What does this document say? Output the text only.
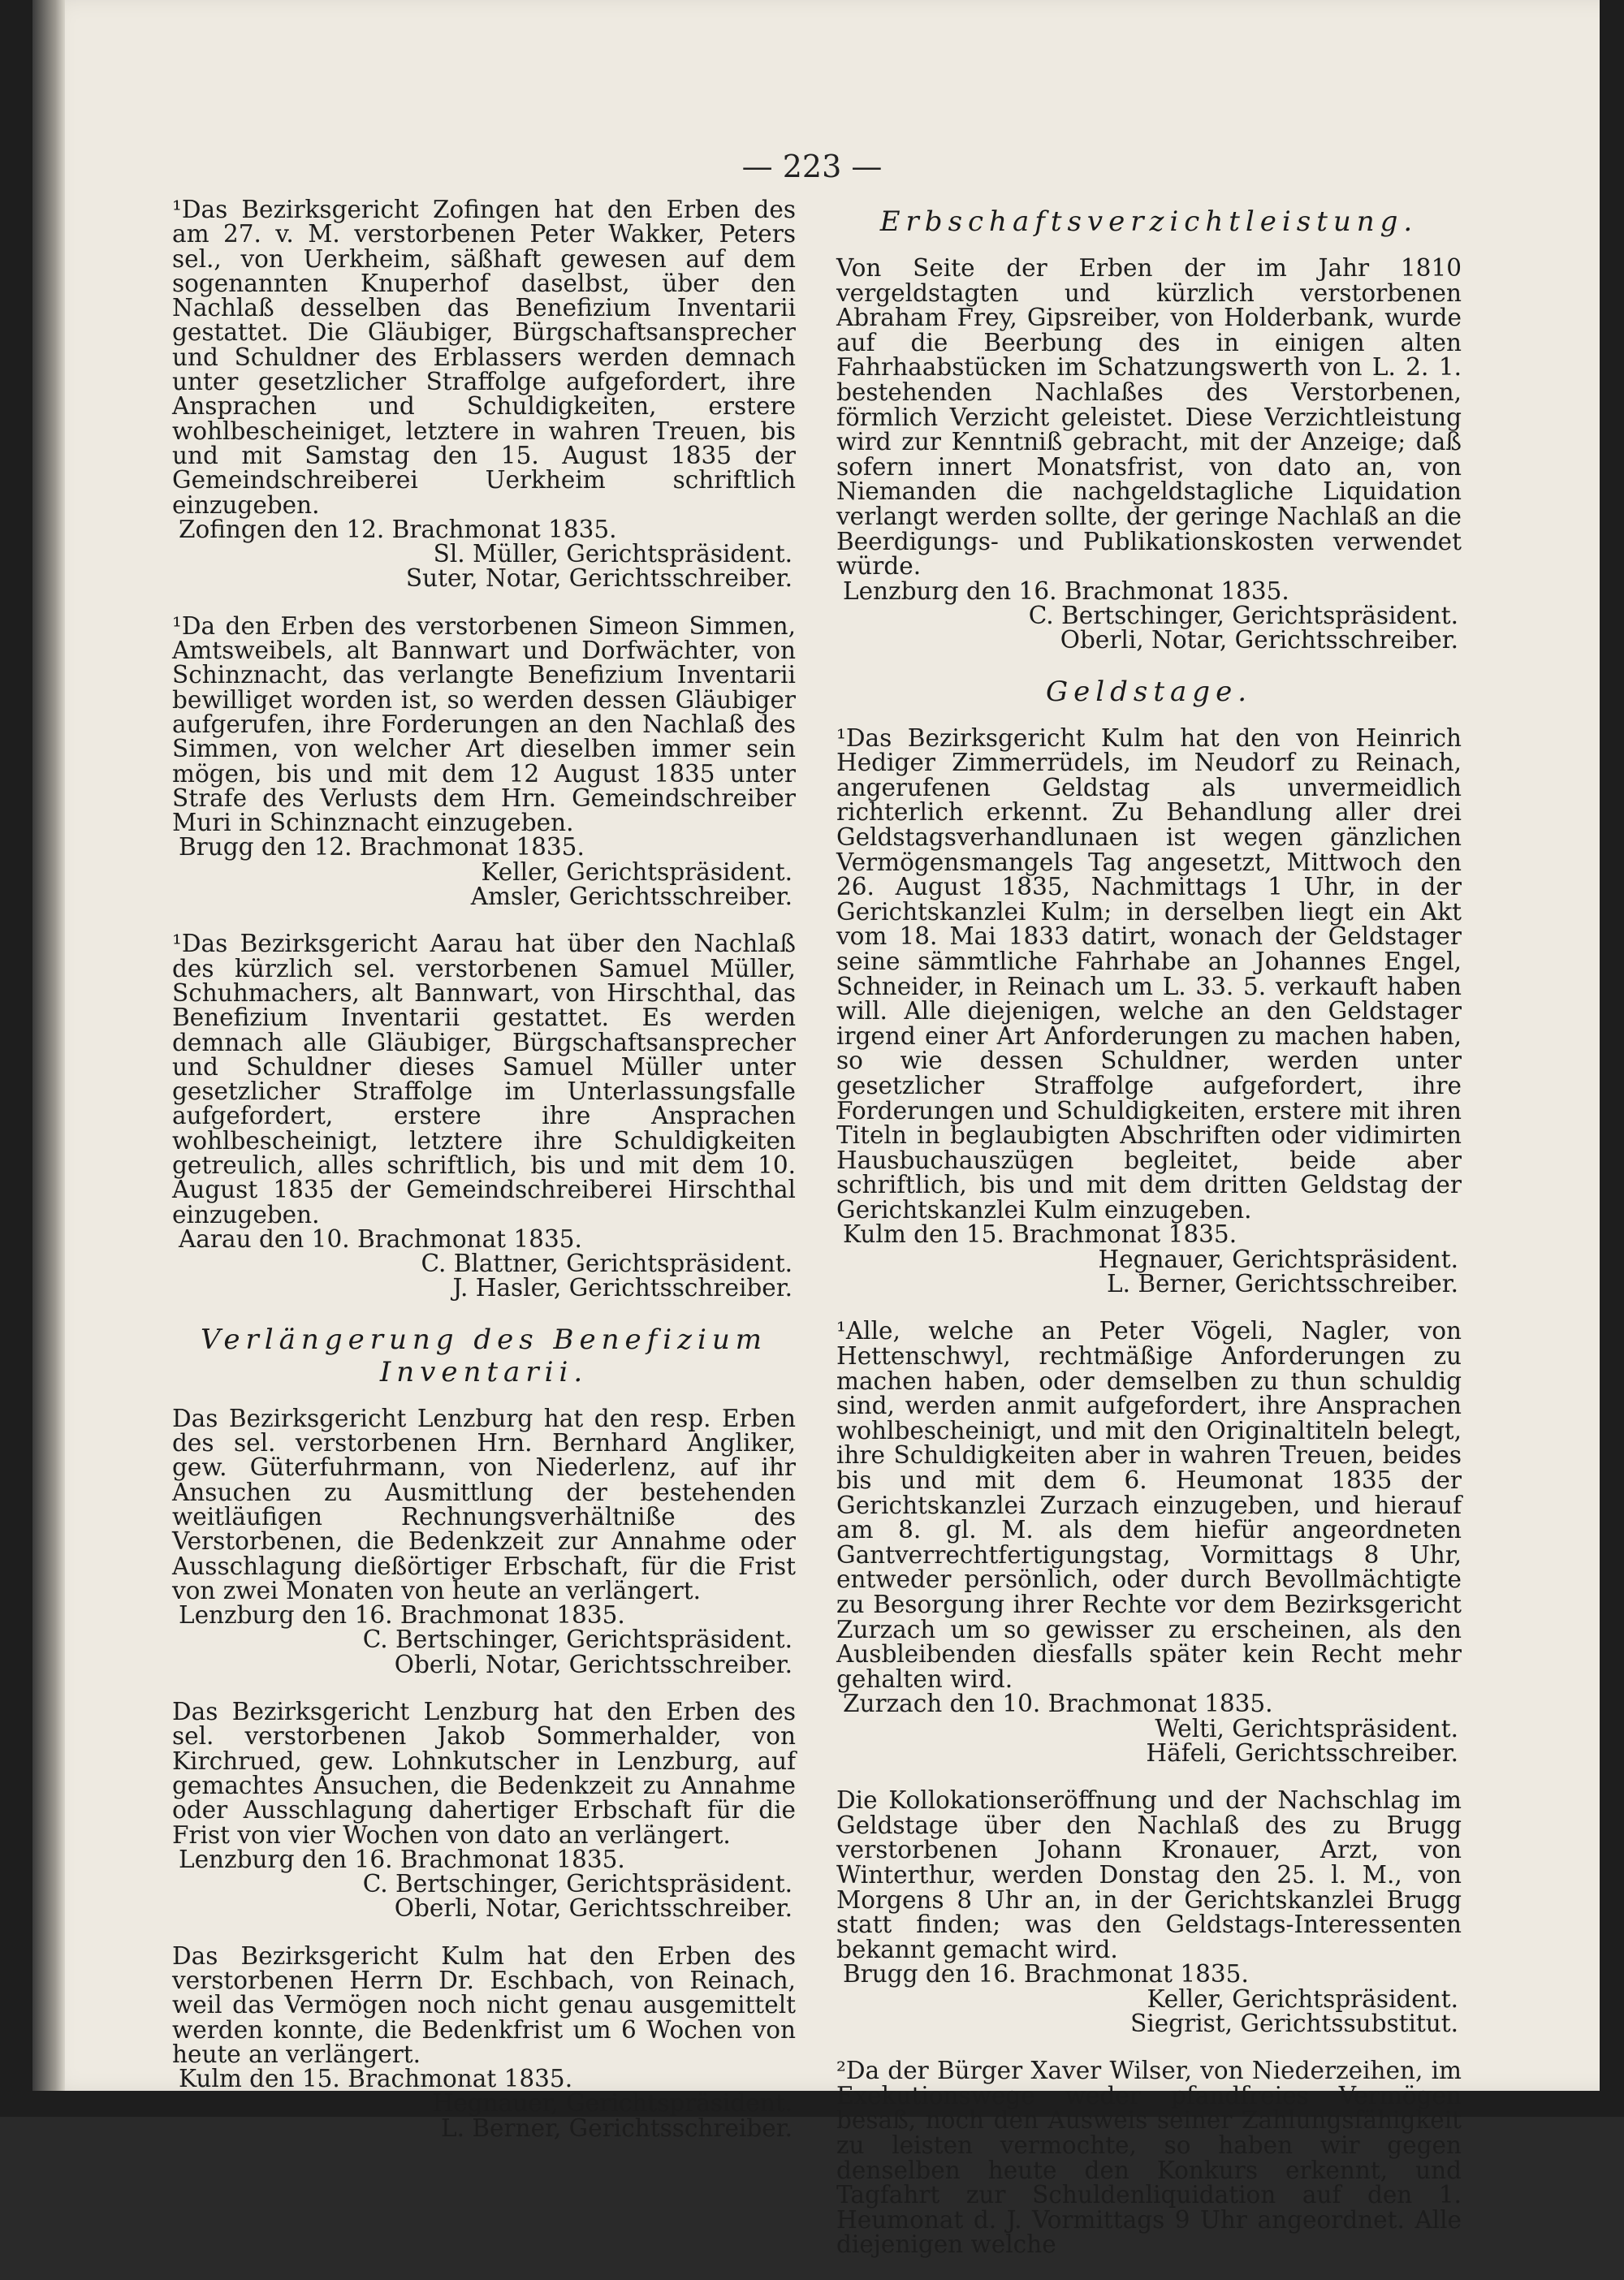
— 223 —
¹Das Bezirksgericht Zofingen hat den Erben des am 27. v. M. verstorbenen Peter Wakker, Peters sel., von Uerkheim, säßhaft gewesen auf dem sogenannten Knuperhof daselbst, über den Nachlaß desselben das Benefizium Inventarii gestattet. Die Gläubiger, Bürgschaftsansprecher und Schuldner des Erblassers werden demnach unter gesetzlicher Straffolge aufgefordert, ihre Ansprachen und Schuldigkeiten, erstere wohlbescheiniget, letztere in wahren Treuen, bis und mit Samstag den 15. August 1835 der Gemeindschreiberei Uerkheim schriftlich einzugeben.
Zofingen den 12. Brachmonat 1835.
Sl. Müller, Gerichtspräsident.
Suter, Notar, Gerichtsschreiber.
¹Da den Erben des verstorbenen Simeon Simmen, Amtsweibels, alt Bannwart und Dorfwächter, von Schinznacht, das verlangte Benefizium Inventarii bewilliget worden ist, so werden dessen Gläubiger aufgerufen, ihre Forderungen an den Nachlaß des Simmen, von welcher Art dieselben immer sein mögen, bis und mit dem 12 August 1835 unter Strafe des Verlusts dem Hrn. Gemeindschreiber Muri in Schinznacht einzugeben.
Brugg den 12. Brachmonat 1835.
Keller, Gerichtspräsident.
Amsler, Gerichtsschreiber.
¹Das Bezirksgericht Aarau hat über den Nachlaß des kürzlich sel. verstorbenen Samuel Müller, Schuhmachers, alt Bannwart, von Hirschthal, das Benefizium Inventarii gestattet. Es werden demnach alle Gläubiger, Bürgschaftsansprecher und Schuldner dieses Samuel Müller unter gesetzlicher Straffolge im Unterlassungsfalle aufgefordert, erstere ihre Ansprachen wohlbescheinigt, letztere ihre Schuldigkeiten getreulich, alles schriftlich, bis und mit dem 10. August 1835 der Gemeindschreiberei Hirschthal einzugeben.
Aarau den 10. Brachmonat 1835.
C. Blattner, Gerichtspräsident.
J. Hasler, Gerichtsschreiber.
Verlängerung des Benefizium Inventarii.
Das Bezirksgericht Lenzburg hat den resp. Erben des sel. verstorbenen Hrn. Bernhard Angliker, gew. Güterfuhrmann, von Niederlenz, auf ihr Ansuchen zu Ausmittlung der bestehenden weitläufigen Rechnungsverhältniße des Verstorbenen, die Bedenkzeit zur Annahme oder Ausschlagung dießörtiger Erbschaft, für die Frist von zwei Monaten von heute an verlängert.
Lenzburg den 16. Brachmonat 1835.
C. Bertschinger, Gerichtspräsident.
Oberli, Notar, Gerichtsschreiber.
Das Bezirksgericht Lenzburg hat den Erben des sel. verstorbenen Jakob Sommerhalder, von Kirchrued, gew. Lohnkutscher in Lenzburg, auf gemachtes Ansuchen, die Bedenkzeit zu Annahme oder Ausschlagung dahertiger Erbschaft für die Frist von vier Wochen von dato an verlängert.
Lenzburg den 16. Brachmonat 1835.
C. Bertschinger, Gerichtspräsident.
Oberli, Notar, Gerichtsschreiber.
Das Bezirksgericht Kulm hat den Erben des verstorbenen Herrn Dr. Eschbach, von Reinach, weil das Vermögen noch nicht genau ausgemittelt werden konnte, die Bedenkfrist um 6 Wochen von heute an verlängert.
Kulm den 15. Brachmonat 1835.
Hegnauer, Gerichtspräsident.
L. Berner, Gerichtsschreiber.
Erbschaftsverzichtleistung.
Von Seite der Erben der im Jahr 1810 vergeldstagten und kürzlich verstorbenen Abraham Frey, Gipsreiber, von Holderbank, wurde auf die Beerbung des in einigen alten Fahrhaabstücken im Schatzungswerth von L. 2. 1. bestehenden Nachlaßes des Verstorbenen, förmlich Verzicht geleistet. Diese Verzichtleistung wird zur Kenntniß gebracht, mit der Anzeige; daß sofern innert Monatsfrist, von dato an, von Niemanden die nachgeldstagliche Liquidation verlangt werden sollte, der geringe Nachlaß an die Beerdigungs- und Publikationskosten verwendet würde.
Lenzburg den 16. Brachmonat 1835.
C. Bertschinger, Gerichtspräsident.
Oberli, Notar, Gerichtsschreiber.
Geldstage.
¹Das Bezirksgericht Kulm hat den von Heinrich Hediger Zimmerrüdels, im Neudorf zu Reinach, angerufenen Geldstag als unvermeidlich richterlich erkennt. Zu Behandlung aller drei Geldstagsverhandlunaen ist wegen gänzlichen Vermögensmangels Tag angesetzt, Mittwoch den 26. August 1835, Nachmittags 1 Uhr, in der Gerichtskanzlei Kulm; in derselben liegt ein Akt vom 18. Mai 1833 datirt, wonach der Geldstager seine sämmtliche Fahrhabe an Johannes Engel, Schneider, in Reinach um L. 33. 5. verkauft haben will. Alle diejenigen, welche an den Geldstager irgend einer Art Anforderungen zu machen haben, so wie dessen Schuldner, werden unter gesetzlicher Straffolge aufgefordert, ihre Forderungen und Schuldigkeiten, erstere mit ihren Titeln in beglaubigten Abschriften oder vidimirten Hausbuchauszügen begleitet, beide aber schriftlich, bis und mit dem dritten Geldstag der Gerichtskanzlei Kulm einzugeben.
Kulm den 15. Brachmonat 1835.
Hegnauer, Gerichtspräsident.
L. Berner, Gerichtsschreiber.
¹Alle, welche an Peter Vögeli, Nagler, von Hettenschwyl, rechtmäßige Anforderungen zu machen haben, oder demselben zu thun schuldig sind, werden anmit aufgefordert, ihre Ansprachen wohlbescheinigt, und mit den Originaltiteln belegt, ihre Schuldigkeiten aber in wahren Treuen, beides bis und mit dem 6. Heumonat 1835 der Gerichtskanzlei Zurzach einzugeben, und hierauf am 8. gl. M. als dem hiefür angeordneten Gantverrechtfertigungstag, Vormittags 8 Uhr, entweder persönlich, oder durch Bevollmächtigte zu Besorgung ihrer Rechte vor dem Bezirksgericht Zurzach um so gewisser zu erscheinen, als den Ausbleibenden diesfalls später kein Recht mehr gehalten wird.
Zurzach den 10. Brachmonat 1835.
Welti, Gerichtspräsident.
Häfeli, Gerichtsschreiber.
Die Kollokationseröffnung und der Nachschlag im Geldstage über den Nachlaß des zu Brugg verstorbenen Johann Kronauer, Arzt, von Winterthur, werden Donstag den 25. l. M., von Morgens 8 Uhr an, in der Gerichtskanzlei Brugg statt finden; was den Geldstags-Interessenten bekannt gemacht wird.
Brugg den 16. Brachmonat 1835.
Keller, Gerichtspräsident.
Siegrist, Gerichtssubstitut.
²Da der Bürger Xaver Wilser, von Niederzeihen, im Exekutionswege weder pfandfreies Vermögen besaß, noch den Ausweis seiner Zahlungsfähigkeit zu leisten vermochte, so haben wir gegen denselben heute den Konkurs erkennt, und Tagfahrt zur Schuldenliquidation auf den 1. Heumonat d. J. Vormittags 9 Uhr angeordnet. Alle diejenigen welche
